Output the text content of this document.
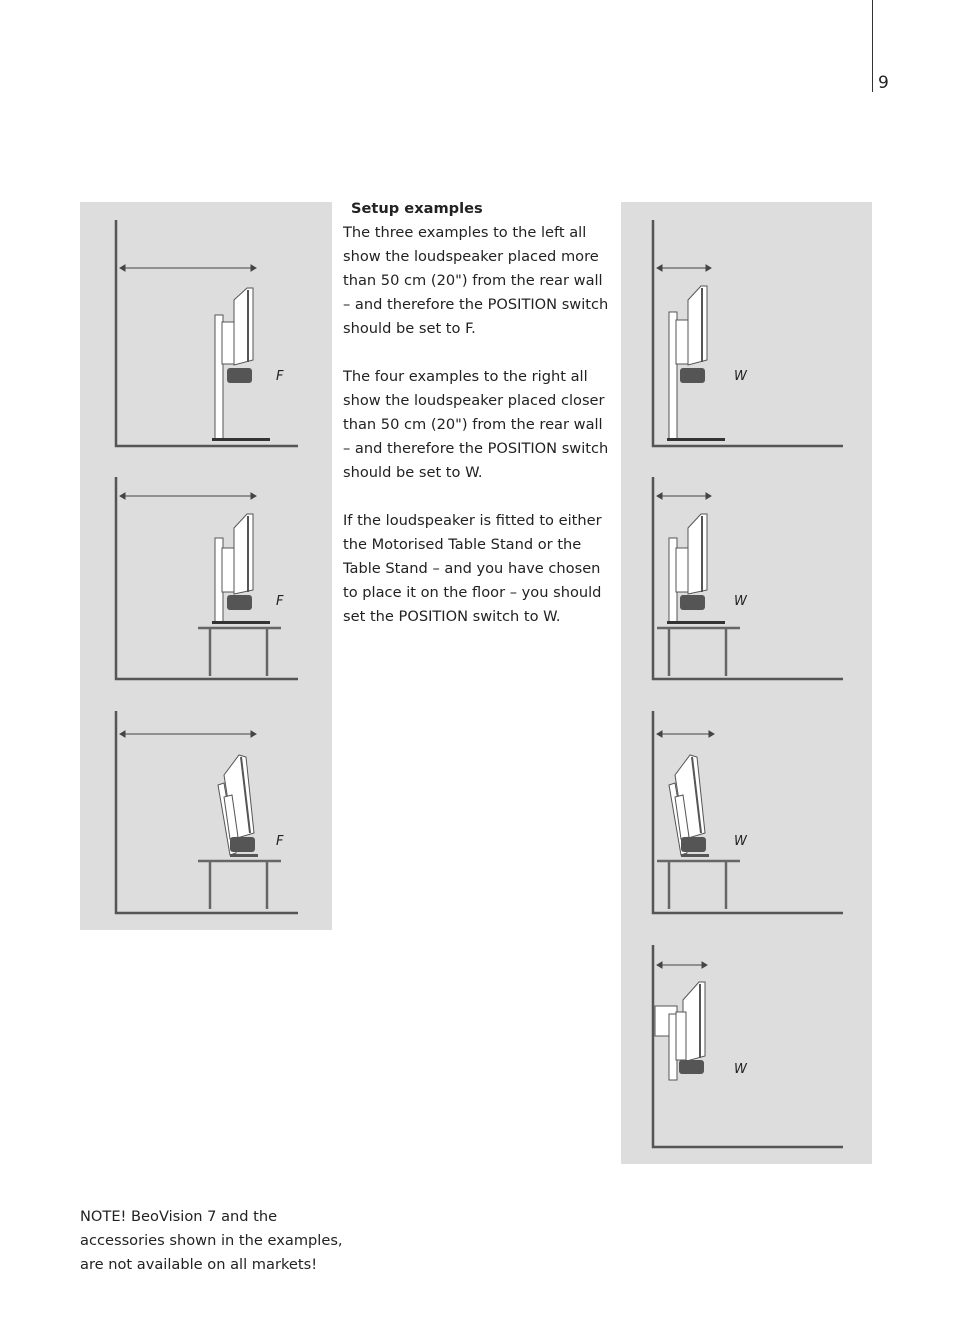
9
F
F
F
W
W
W
W
Setup examples

The three examples to the left all
show the loudspeaker placed more
than 50 cm (20") from the rear wall
– and therefore the POSITION switch
should be set to F.

The four examples to the right all
show the loudspeaker placed closer
than 50 cm (20") from the rear wall
– and therefore the POSITION switch
should be set to W.

If the loudspeaker is fitted to either
the Motorised Table Stand or the
Table Stand – and you have chosen
to place it on the floor – you should
set the POSITION switch to W.

NOTE! BeoVision 7 and the
accessories shown in the examples,
are not available on all markets!
